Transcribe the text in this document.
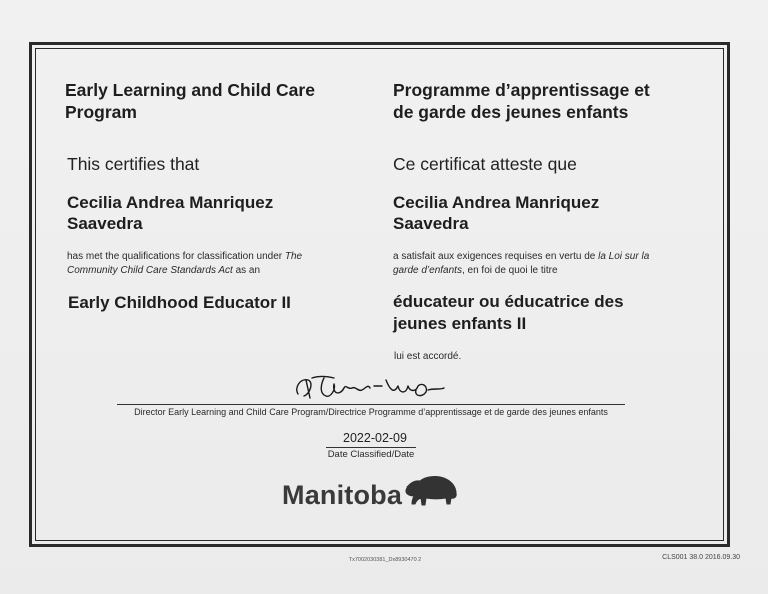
Early Learning and Child Care
Program
This certifies that
Cecilia Andrea Manriquez
Saavedra
has met the qualifications for classification under The
Community Child Care Standards Act as an
Early Childhood Educator II
Programme d’apprentissage et
de garde des jeunes enfants
Ce certificat atteste que
Cecilia Andrea Manriquez
Saavedra
a satisfait aux exigences requises en vertu de la Loi sur la
garde d’enfants, en foi de quoi le titre
éducateur ou éducatrice des
jeunes enfants II
lui est accordé.
Director Early Learning and Child Care Program/Directrice Programme d’apprentissage et de garde des jeunes enfants
2022-02-09
Date Classified/Date
Manitoba
Tx7002030381_Dx8930470 2	CLS001 38.0 2016.09.30
